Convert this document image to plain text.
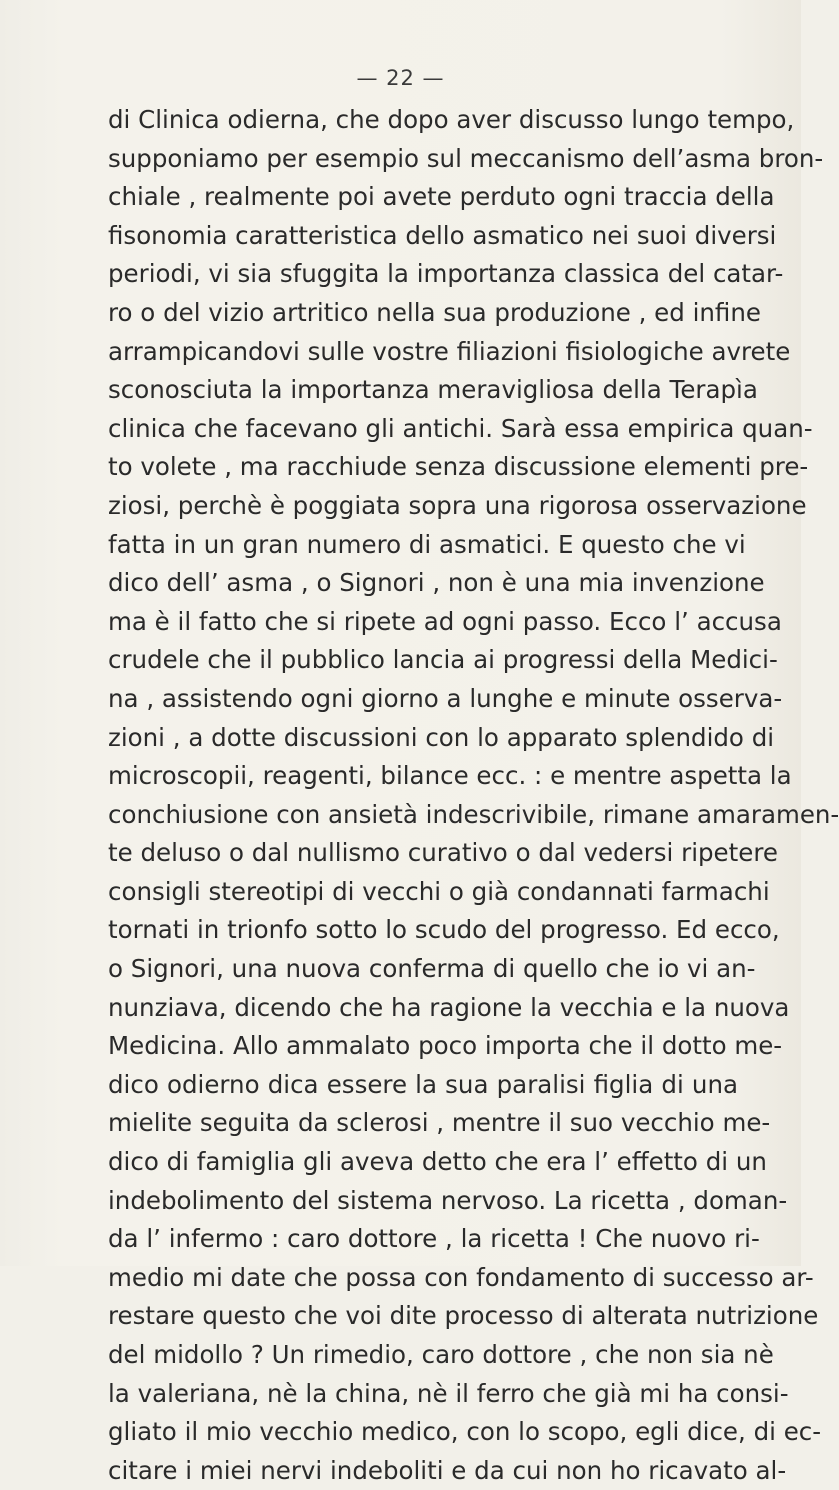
— 22 —
di Clinica odierna, che dopo aver discusso lungo tempo,
supponiamo per esempio sul meccanismo dell’asma bron-
chiale , realmente poi avete perduto ogni traccia della
fisonomia caratteristica dello asmatico nei suoi diversi
periodi, vi sia sfuggita la importanza classica del catar-
ro o del vizio artritico nella sua produzione , ed infine
arrampicandovi sulle vostre filiazioni fisiologiche avrete
sconosciuta la importanza meravigliosa della Terapìa
clinica che facevano gli antichi. Sarà essa empirica quan-
to volete , ma racchiude senza discussione elementi pre-
ziosi, perchè è poggiata sopra una rigorosa osservazione
fatta in un gran numero di asmatici. E questo che vi
dico dell’ asma , o Signori , non è una mia invenzione
ma è il fatto che si ripete ad ogni passo. Ecco l’ accusa
crudele che il pubblico lancia ai progressi della Medici-
na , assistendo ogni giorno a lunghe e minute osserva-
zioni , a dotte discussioni con lo apparato splendido di
microscopii, reagenti, bilance ecc. : e mentre aspetta la
conchiusione con ansietà indescrivibile, rimane amaramen-
te deluso o dal nullismo curativo o dal vedersi ripetere
consigli stereotipi di vecchi o già condannati farmachi
tornati in trionfo sotto lo scudo del progresso. Ed ecco,
o Signori, una nuova conferma di quello che io vi an-
nunziava, dicendo che ha ragione la vecchia e la nuova
Medicina. Allo ammalato poco importa che il dotto me-
dico odierno dica essere la sua paralisi figlia di una
mielite seguita da sclerosi , mentre il suo vecchio me-
dico di famiglia gli aveva detto che era l’ effetto di un
indebolimento del sistema nervoso. La ricetta , doman-
da l’ infermo : caro dottore , la ricetta ! Che nuovo ri-
medio mi date che possa con fondamento di successo ar-
restare questo che voi dite processo di alterata nutrizione
del midollo ? Un rimedio, caro dottore , che non sia nè
la valeriana, nè la china, nè il ferro che già mi ha consi-
gliato il mio vecchio medico, con lo scopo, egli dice, di ec-
citare i miei nervi indeboliti e da cui non ho ricavato al-
